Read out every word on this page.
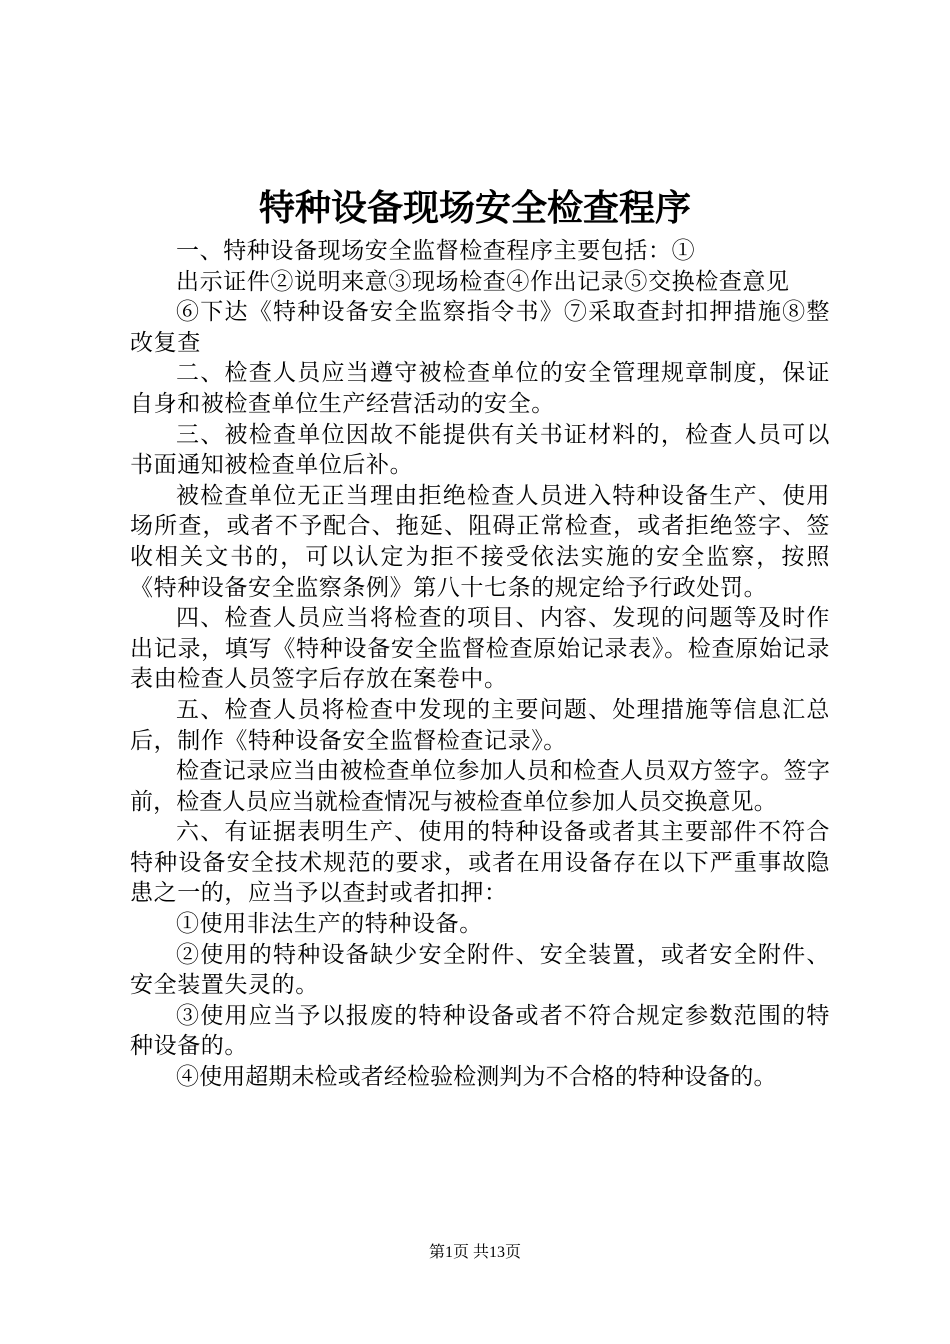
特种设备现场安全检查程序

一、特种设备现场安全监督检查程序主要包括：①

出示证件②说明来意③现场检查④作出记录⑤交换检查意见

⑥下达《特种设备安全监察指令书》⑦采取查封扣押措施⑧整改复查

二、检查人员应当遵守被检查单位的安全管理规章制度，保证自身和被检查单位生产经营活动的安全。

三、被检查单位因故不能提供有关书证材料的，检查人员可以书面通知被检查单位后补。

被检查单位无正当理由拒绝检查人员进入特种设备生产、使用场所查，或者不予配合、拖延、阻碍正常检查，或者拒绝签字、签收相关文书的，可以认定为拒不接受依法实施的安全监察，按照《特种设备安全监察条例》第八十七条的规定给予行政处罚。

四、检查人员应当将检查的项目、内容、发现的问题等及时作出记录，填写《特种设备安全监督检查原始记录表》。检查原始记录表由检查人员签字后存放在案卷中。

五、检查人员将检查中发现的主要问题、处理措施等信息汇总后，制作《特种设备安全监督检查记录》。

检查记录应当由被检查单位参加人员和检查人员双方签字。签字前，检查人员应当就检查情况与被检查单位参加人员交换意见。

六、有证据表明生产、使用的特种设备或者其主要部件不符合特种设备安全技术规范的要求，或者在用设备存在以下严重事故隐患之一的，应当予以查封或者扣押：

①使用非法生产的特种设备。

②使用的特种设备缺少安全附件、安全装置，或者安全附件、安全装置失灵的。

③使用应当予以报废的特种设备或者不符合规定参数范围的特种设备的。

④使用超期未检或者经检验检测判为不合格的特种设备的。

第1页 共13页
